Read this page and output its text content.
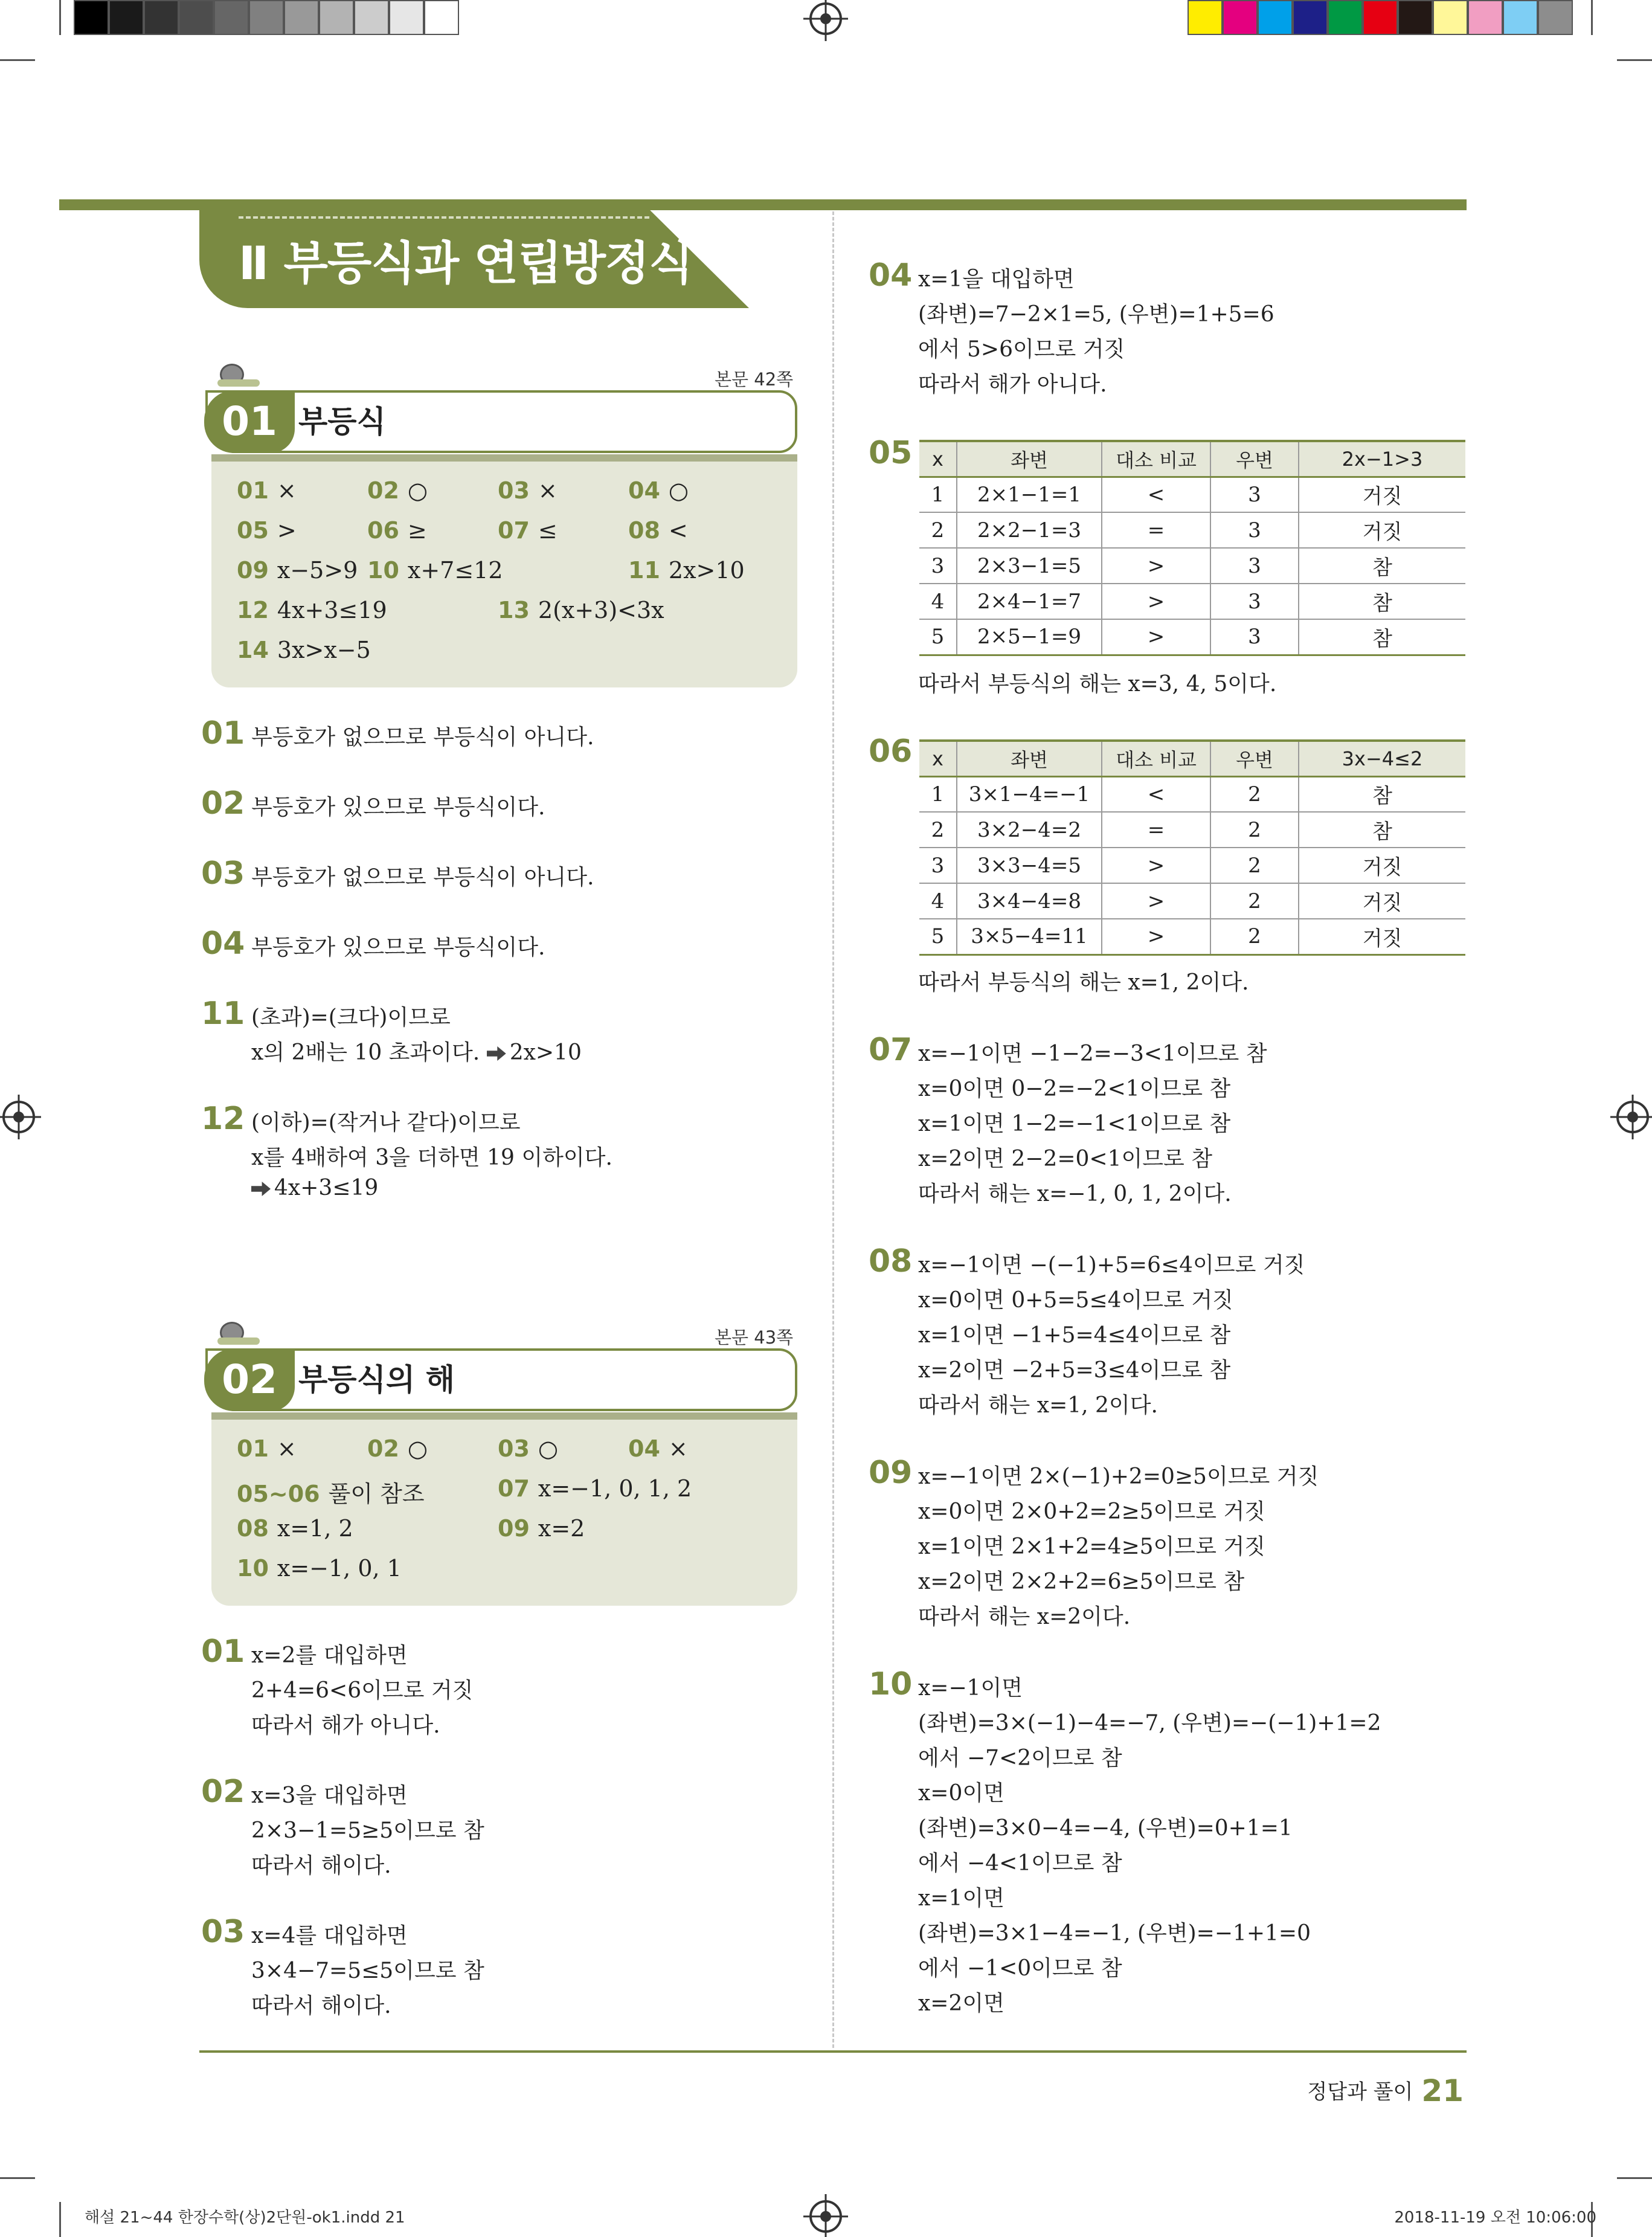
Ⅱ 부등식과 연립방정식
본문 42쪽
01 부등식
01 ×	02 ○	03 ×	04 ○
05 >	06 ≥	07 ≤	08 <
09 x−5>9 10 x+7≤12	11 2x>10
12 4x+3≤19	13 2(x+3)<3x
14 3x>x−5
01 부등호가 없으므로 부등식이 아니다.
02 부등호가 있으므로 부등식이다.
03 부등호가 없으므로 부등식이 아니다.
04 부등호가 있으므로 부등식이다.
11 (초과)=(크다)이므로
x의 2배는 10 초과이다. 2x>10
12 (이하)=(작거나 같다)이므로
x를 4배하여 3을 더하면 19 이하이다.
4x+3≤19
본문 43쪽
02 부등식의 해
01 ×	02 ○	03 ○	04 ×
05~06 풀이 참조	07 x=−1, 0, 1, 2
08 x=1, 2	09 x=2
10 x=−1, 0, 1
01 x=2를 대입하면
2+4=6<6이므로 거짓
따라서 해가 아니다.
02 x=3을 대입하면
2×3−1=5≥5이므로 참
따라서 해이다.
03 x=4를 대입하면
3×4−7=5≤5이므로 참
따라서 해이다.
04 x=1을 대입하면
(좌변)=7−2×1=5, (우변)=1+5=6
에서 5>6이므로 거짓
따라서 해가 아니다.
05 x	좌변	대소 비교	우변	2x−1>3
1	2×1−1=1	<	3	거짓
2	2×2−1=3	=	3	거짓
3	2×3−1=5	>	3	참
4	2×4−1=7	>	3	참
5	2×5−1=9	>	3	참
따라서 부등식의 해는 x=3, 4, 5이다.
06 x	좌변	대소 비교	우변	3x−4≤2
1	3×1−4=−1	<	2	참
2	3×2−4=2	=	2	참
3	3×3−4=5	>	2	거짓
4	3×4−4=8	>	2	거짓
5	3×5−4=11	>	2	거짓
따라서 부등식의 해는 x=1, 2이다.
07 x=−1이면 −1−2=−3<1이므로 참
x=0이면 0−2=−2<1이므로 참
x=1이면 1−2=−1<1이므로 참
x=2이면 2−2=0<1이므로 참
따라서 해는 x=−1, 0, 1, 2이다.
08 x=−1이면 −(−1)+5=6≤4이므로 거짓
x=0이면 0+5=5≤4이므로 거짓
x=1이면 −1+5=4≤4이므로 참
x=2이면 −2+5=3≤4이므로 참
따라서 해는 x=1, 2이다.
09 x=−1이면 2×(−1)+2=0≥5이므로 거짓
x=0이면 2×0+2=2≥5이므로 거짓
x=1이면 2×1+2=4≥5이므로 거짓
x=2이면 2×2+2=6≥5이므로 참
따라서 해는 x=2이다.
10 x=−1이면
(좌변)=3×(−1)−4=−7, (우변)=−(−1)+1=2
에서 −7<2이므로 참
x=0이면
(좌변)=3×0−4=−4, (우변)=0+1=1
에서 −4<1이므로 참
x=1이면
(좌변)=3×1−4=−1, (우변)=−1+1=0
에서 −1<0이므로 참
x=2이면
정답과 풀이 21
해설 21~44 한장수학(상)2단원-ok1.indd 21	2018-11-19 오전 10:06:00
